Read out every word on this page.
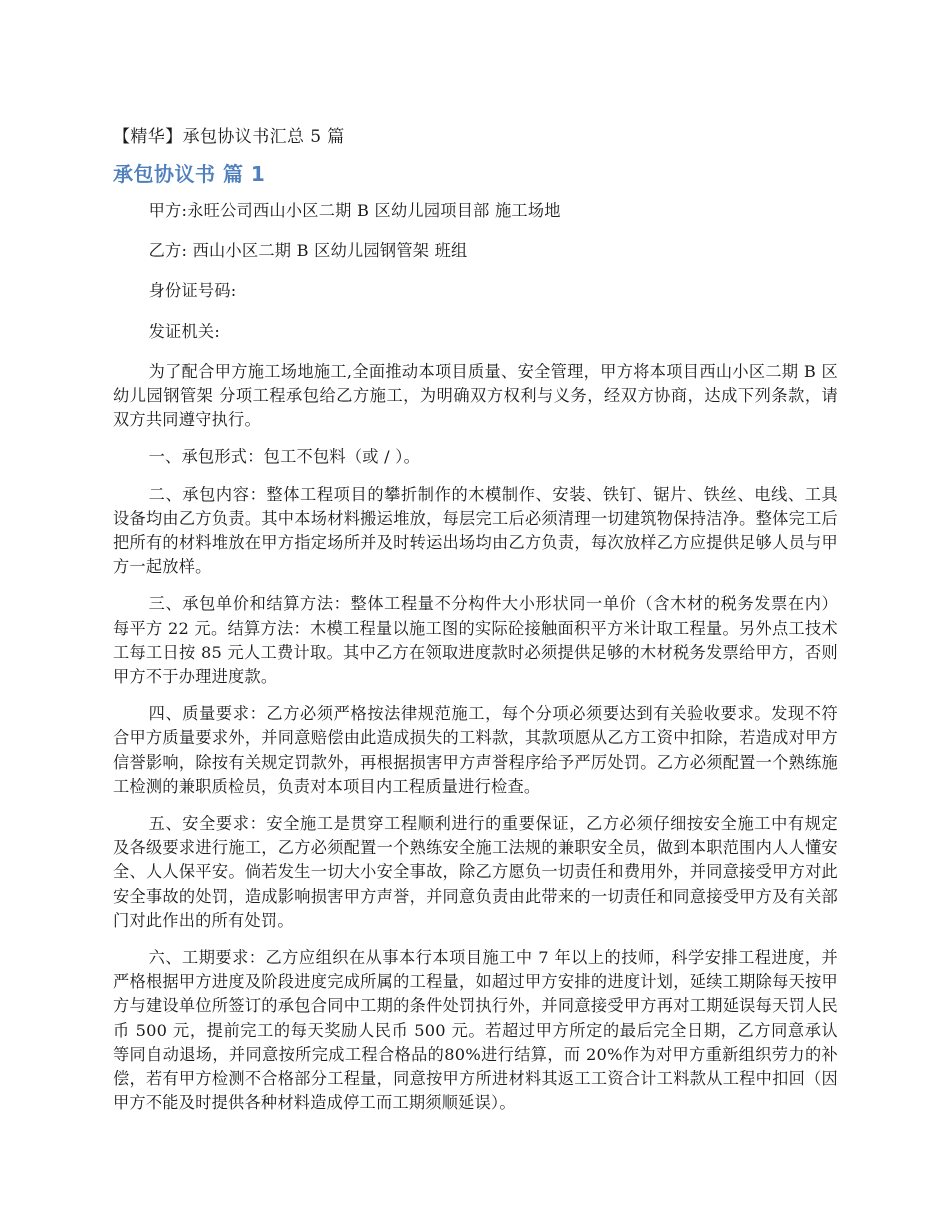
【精华】承包协议书汇总 5 篇
承包协议书 篇 1

甲方:永旺公司西山小区二期 B 区幼儿园项目部 施工场地

乙方: 西山小区二期 B 区幼儿园钢管架 班组

身份证号码:

发证机关:

为了配合甲方施工场地施工,全面推动本项目质量、安全管理，甲方将本项目西山小区二期 B 区幼儿园钢管架 分项工程承包给乙方施工，为明确双方权利与义务，经双方协商，达成下列条款，请双方共同遵守执行。

一、承包形式：包工不包料（或 / ）。

二、承包内容：整体工程项目的攀折制作的木模制作、安装、铁钉、锯片、铁丝、电线、工具设备均由乙方负责。其中本场材料搬运堆放，每层完工后必须清理一切建筑物保持洁净。整体完工后把所有的材料堆放在甲方指定场所并及时转运出场均由乙方负责，每次放样乙方应提供足够人员与甲方一起放样。

三、承包单价和结算方法：整体工程量不分构件大小形状同一单价（含木材的税务发票在内）每平方 22 元。结算方法：木模工程量以施工图的实际砼接触面积平方米计取工程量。另外点工技术工每工日按 85 元人工费计取。其中乙方在领取进度款时必须提供足够的木材税务发票给甲方，否则甲方不于办理进度款。

四、质量要求：乙方必须严格按法律规范施工，每个分项必须要达到有关验收要求。发现不符合甲方质量要求外，并同意赔偿由此造成损失的工料款，其款项愿从乙方工资中扣除，若造成对甲方信誉影响，除按有关规定罚款外，再根据损害甲方声誉程序给予严厉处罚。乙方必须配置一个熟练施工检测的兼职质检员，负责对本项目内工程质量进行检查。

五、安全要求：安全施工是贯穿工程顺利进行的重要保证，乙方必须仔细按安全施工中有规定及各级要求进行施工，乙方必须配置一个熟练安全施工法规的兼职安全员，做到本职范围内人人懂安全、人人保平安。倘若发生一切大小安全事故，除乙方愿负一切责任和费用外，并同意接受甲方对此安全事故的处罚，造成影响损害甲方声誉，并同意负责由此带来的一切责任和同意接受甲方及有关部门对此作出的所有处罚。

六、工期要求：乙方应组织在从事本行本项目施工中 7 年以上的技师，科学安排工程进度，并严格根据甲方进度及阶段进度完成所属的工程量，如超过甲方安排的进度计划，延续工期除每天按甲方与建设单位所签订的承包合同中工期的条件处罚执行外，并同意接受甲方再对工期延误每天罚人民币 500 元，提前完工的每天奖励人民币 500 元。若超过甲方所定的最后完全日期，乙方同意承认等同自动退场，并同意按所完成工程合格品的80%进行结算，而 20%作为对甲方重新组织劳力的补偿，若有甲方检测不合格部分工程量，同意按甲方所进材料其返工工资合计工料款从工程中扣回（因甲方不能及时提供各种材料造成停工而工期须顺延误）。
